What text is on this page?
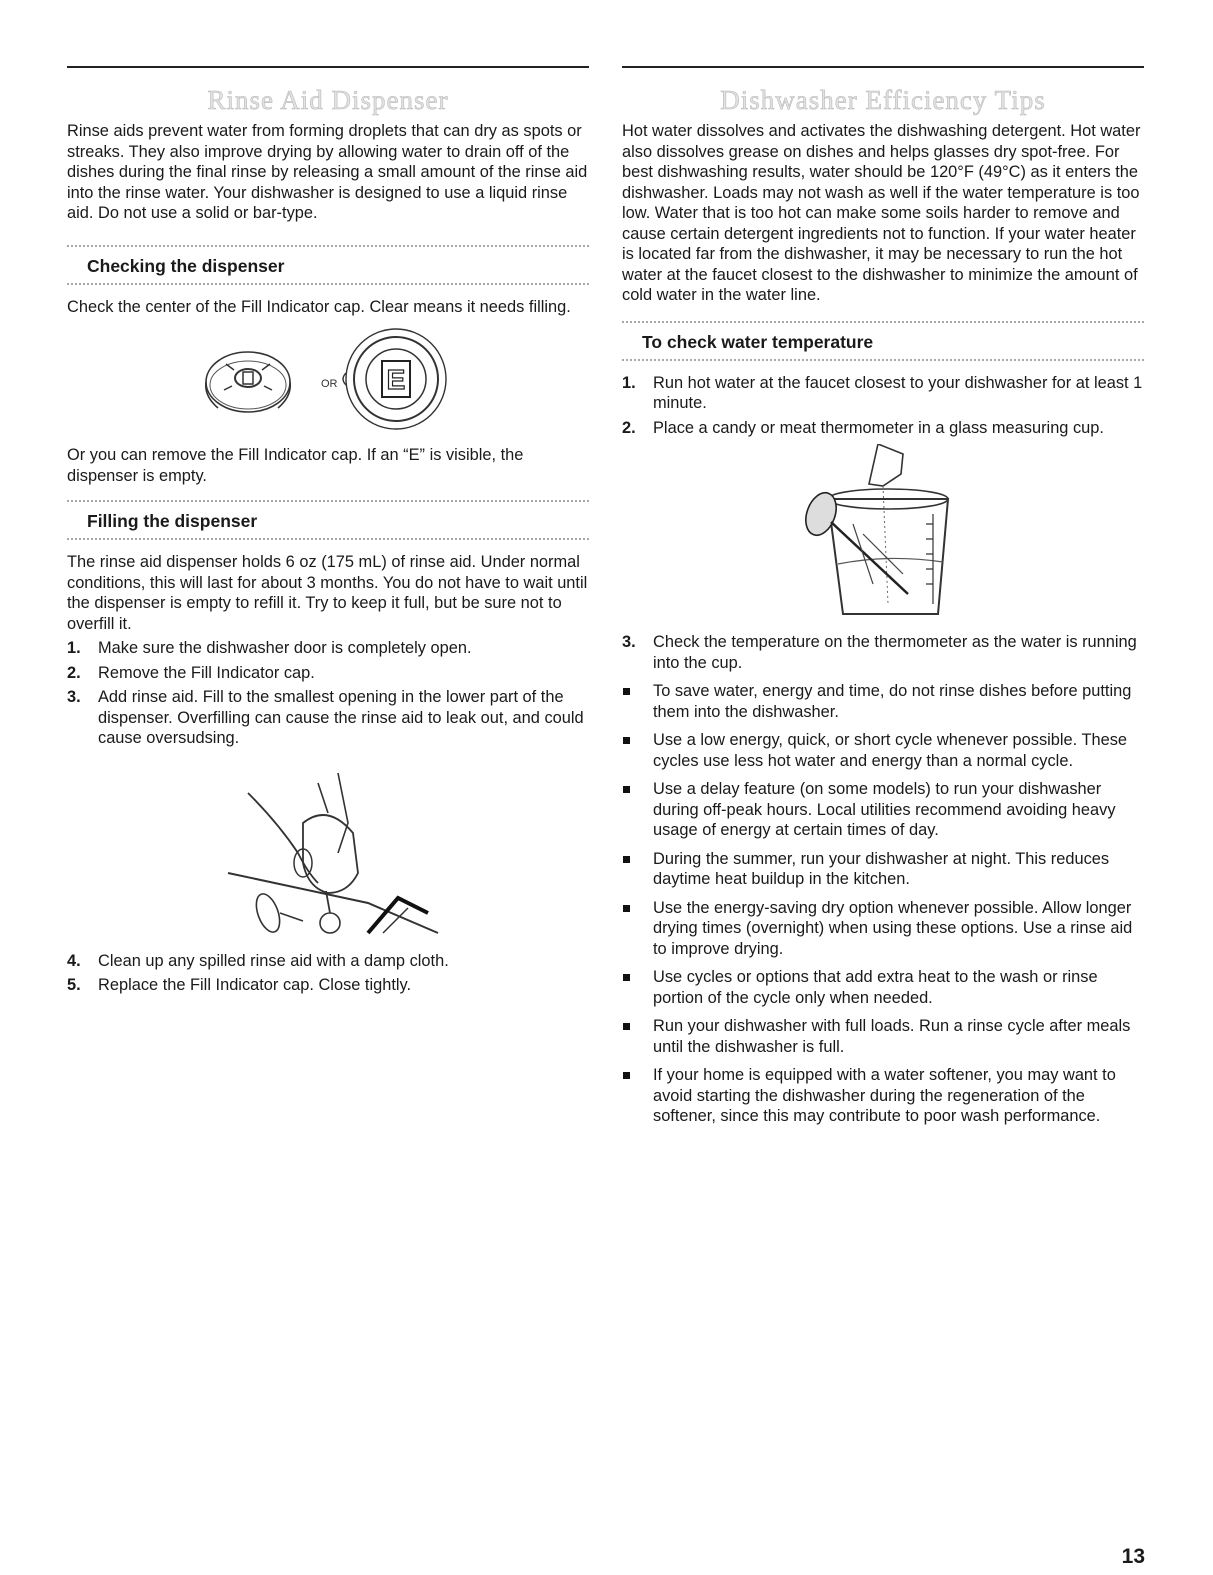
Rinse Aid Dispenser

Rinse aids prevent water from forming droplets that can dry as spots or streaks. They also improve drying by allowing water to drain off of the dishes during the final rinse by releasing a small amount of the rinse aid into the rinse water. Your dishwasher is designed to use a liquid rinse aid. Do not use a solid or bar-type.

Checking the dispenser

Check the center of the Fill Indicator cap. Clear means it needs filling.

OR E

Or you can remove the Fill Indicator cap. If an “E” is visible, the dispenser is empty.

Filling the dispenser

The rinse aid dispenser holds 6 oz (175 mL) of rinse aid. Under normal conditions, this will last for about 3 months. You do not have to wait until the dispenser is empty to refill it. Try to keep it full, but be sure not to overfill it.

1. Make sure the dishwasher door is completely open.
2. Remove the Fill Indicator cap.
3. Add rinse aid. Fill to the smallest opening in the lower part of the dispenser. Overfilling can cause the rinse aid to leak out, and could cause oversudsing.
4. Clean up any spilled rinse aid with a damp cloth.
5. Replace the Fill Indicator cap. Close tightly.
Dishwasher Efficiency Tips

Hot water dissolves and activates the dishwashing detergent. Hot water also dissolves grease on dishes and helps glasses dry spot-free. For best dishwashing results, water should be 120°F (49°C) as it enters the dishwasher. Loads may not wash as well if the water temperature is too low. Water that is too hot can make some soils harder to remove and cause certain detergent ingredients not to function. If your water heater is located far from the dishwasher, it may be necessary to run the hot water at the faucet closest to the dishwasher to minimize the amount of cold water in the water line.

To check water temperature
1. Run hot water at the faucet closest to your dishwasher for at least 1 minute.
2. Place a candy or meat thermometer in a glass measuring cup.
3. Check the temperature on the thermometer as the water is running into the cup.
To save water, energy and time, do not rinse dishes before putting them into the dishwasher.
Use a low energy, quick, or short cycle whenever possible. These cycles use less hot water and energy than a normal cycle.
Use a delay feature (on some models) to run your dishwasher during off-peak hours. Local utilities recommend avoiding heavy usage of energy at certain times of day.
During the summer, run your dishwasher at night. This reduces daytime heat buildup in the kitchen.
Use the energy-saving dry option whenever possible. Allow longer drying times (overnight) when using these options. Use a rinse aid to improve drying.
Use cycles or options that add extra heat to the wash or rinse portion of the cycle only when needed.
Run your dishwasher with full loads. Run a rinse cycle after meals until the dishwasher is full.
If your home is equipped with a water softener, you may want to avoid starting the dishwasher during the regeneration of the softener, since this may contribute to poor wash performance.
13
